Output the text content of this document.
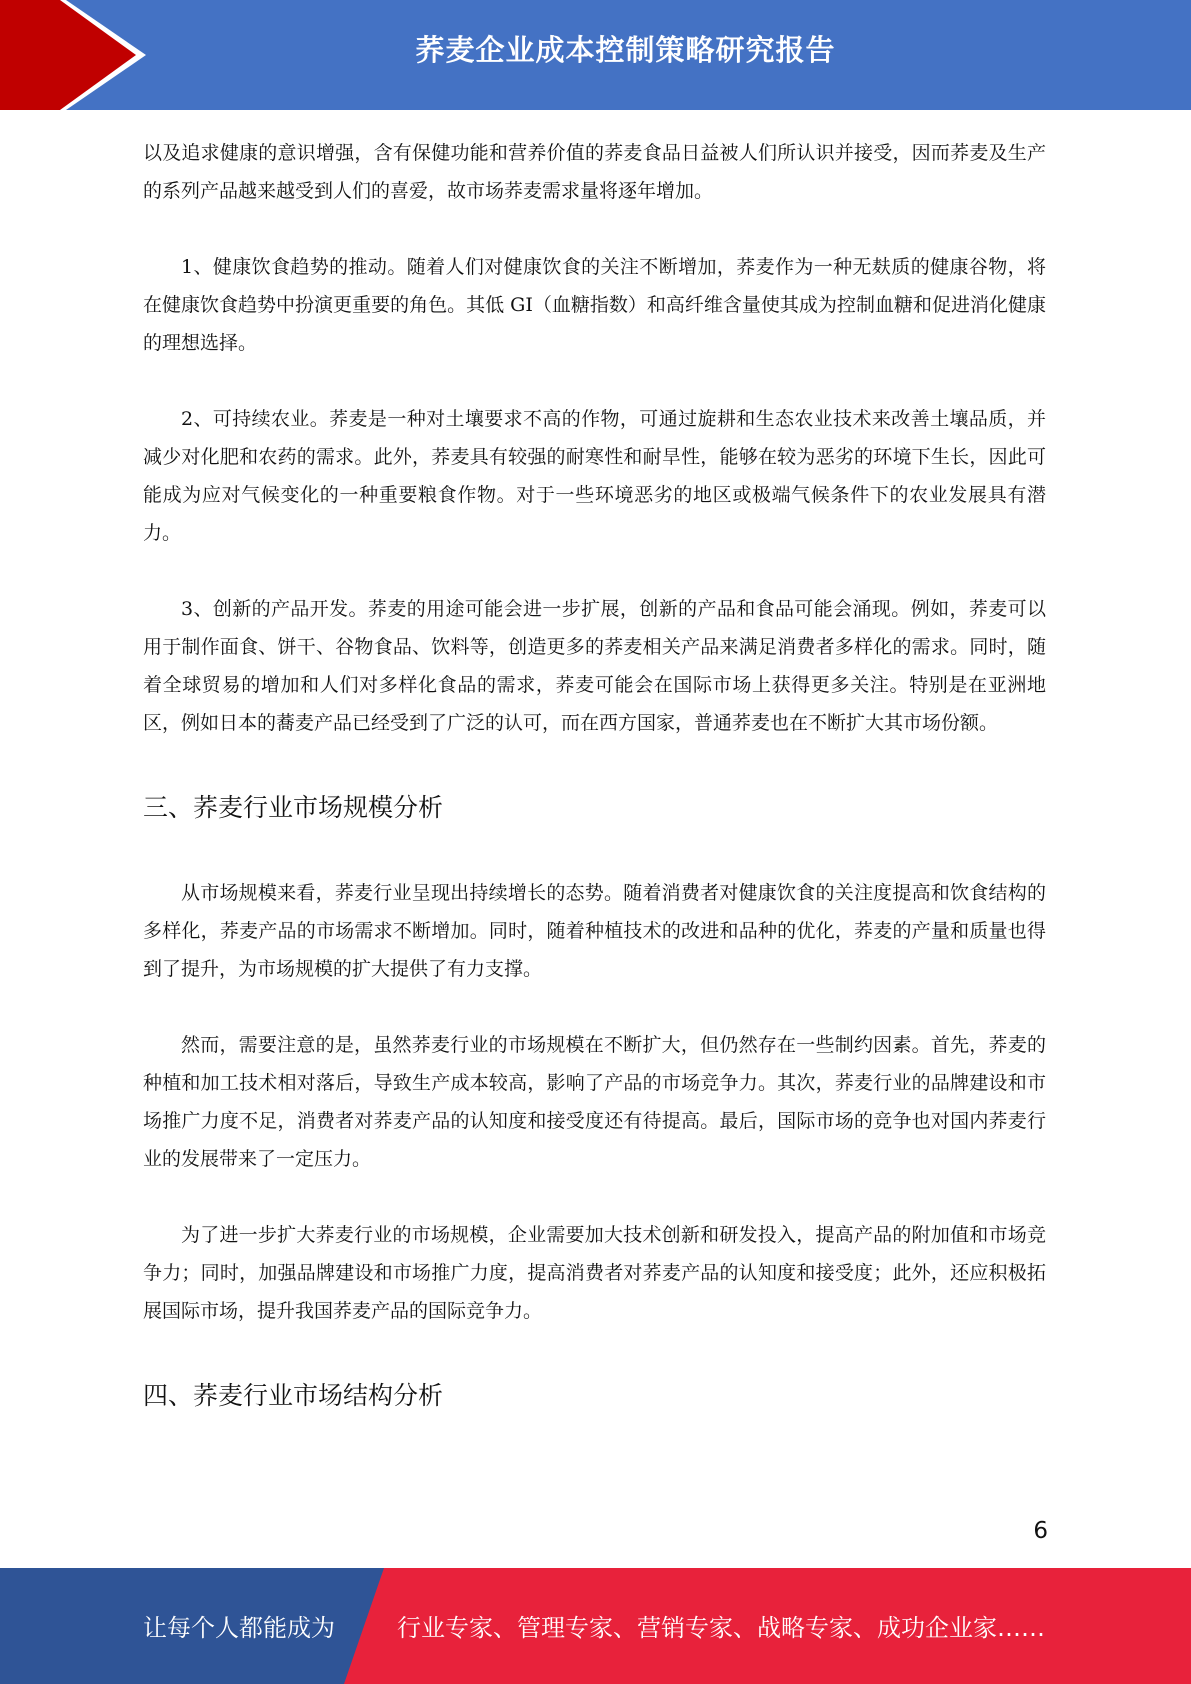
荞麦企业成本控制策略研究报告

以及追求健康的意识增强，含有保健功能和营养价值的荞麦食品日益被人们所认识并接受，因而荞麦及生产的系列产品越来越受到人们的喜爱，故市场荞麦需求量将逐年增加。

1、健康饮食趋势的推动。随着人们对健康饮食的关注不断增加，荞麦作为一种无麸质的健康谷物，将在健康饮食趋势中扮演更重要的角色。其低 GI（血糖指数）和高纤维含量使其成为控制血糖和促进消化健康的理想选择。

2、可持续农业。荞麦是一种对土壤要求不高的作物，可通过旋耕和生态农业技术来改善土壤品质，并减少对化肥和农药的需求。此外，荞麦具有较强的耐寒性和耐旱性，能够在较为恶劣的环境下生长，因此可能成为应对气候变化的一种重要粮食作物。对于一些环境恶劣的地区或极端气候条件下的农业发展具有潜力。

3、创新的产品开发。荞麦的用途可能会进一步扩展，创新的产品和食品可能会涌现。例如，荞麦可以用于制作面食、饼干、谷物食品、饮料等，创造更多的荞麦相关产品来满足消费者多样化的需求。同时，随着全球贸易的增加和人们对多样化食品的需求，荞麦可能会在国际市场上获得更多关注。特别是在亚洲地区，例如日本的蕎麦产品已经受到了广泛的认可，而在西方国家，普通荞麦也在不断扩大其市场份额。

三、荞麦行业市场规模分析

从市场规模来看，荞麦行业呈现出持续增长的态势。随着消费者对健康饮食的关注度提高和饮食结构的多样化，荞麦产品的市场需求不断增加。同时，随着种植技术的改进和品种的优化，荞麦的产量和质量也得到了提升，为市场规模的扩大提供了有力支撑。

然而，需要注意的是，虽然荞麦行业的市场规模在不断扩大，但仍然存在一些制约因素。首先，荞麦的种植和加工技术相对落后，导致生产成本较高，影响了产品的市场竞争力。其次，荞麦行业的品牌建设和市场推广力度不足，消费者对荞麦产品的认知度和接受度还有待提高。最后，国际市场的竞争也对国内荞麦行业的发展带来了一定压力。

为了进一步扩大荞麦行业的市场规模，企业需要加大技术创新和研发投入，提高产品的附加值和市场竞争力；同时，加强品牌建设和市场推广力度，提高消费者对荞麦产品的认知度和接受度；此外，还应积极拓展国际市场，提升我国荞麦产品的国际竞争力。

四、荞麦行业市场结构分析
6
让每个人都能成为	行业专家、管理专家、营销专家、战略专家、成功企业家……
